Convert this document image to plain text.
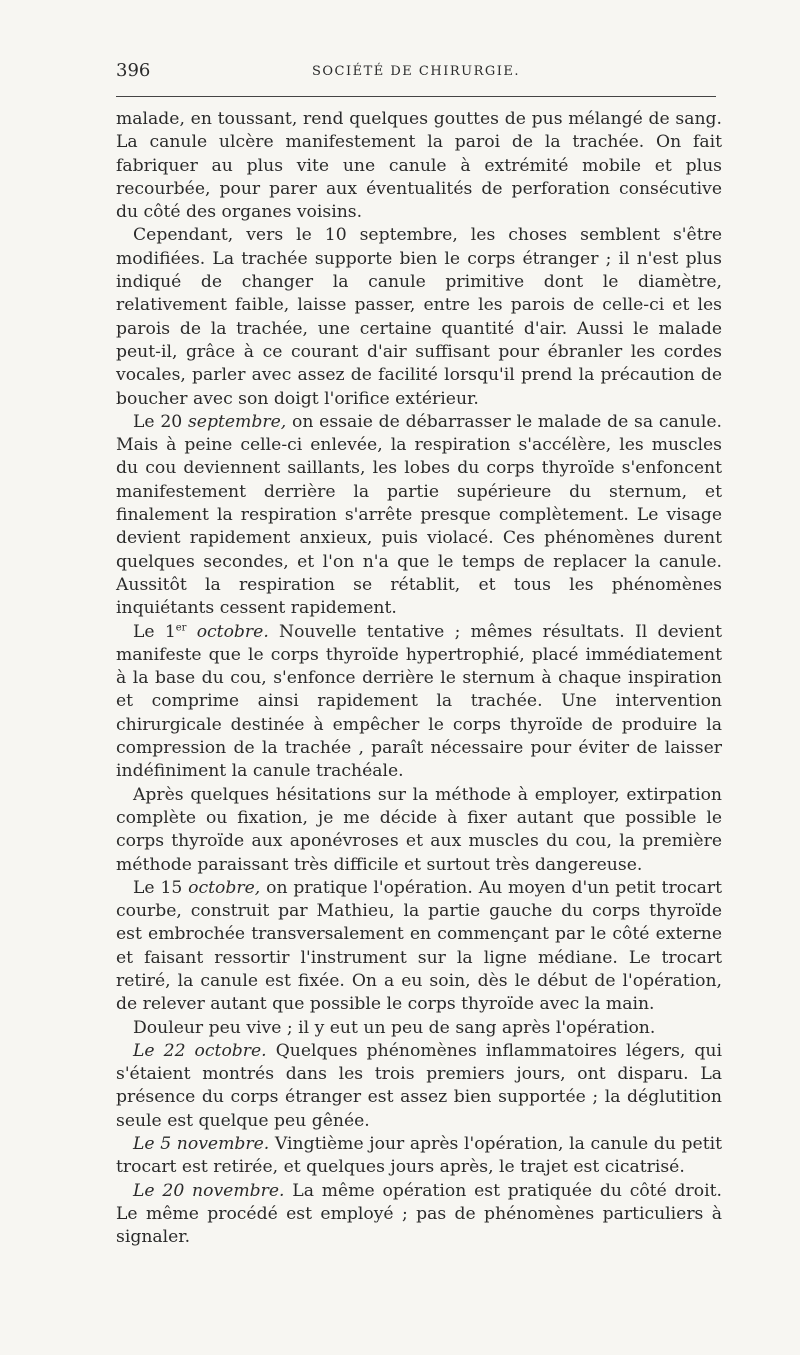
396	SOCIÉTÉ DE CHIRURGIE.

malade, en toussant, rend quelques gouttes de pus mélangé de sang. La canule ulcère manifestement la paroi de la trachée. On fait fabriquer au plus vite une canule à extrémité mobile et plus recourbée, pour parer aux éventualités de perforation consécutive du côté des organes voisins.

Cependant, vers le 10 septembre, les choses semblent s'être modifiées. La trachée supporte bien le corps étranger ; il n'est plus indiqué de changer la canule primitive dont le diamètre, relativement faible, laisse passer, entre les parois de celle-ci et les parois de la trachée, une certaine quantité d'air. Aussi le malade peut-il, grâce à ce courant d'air suffisant pour ébranler les cordes vocales, parler avec assez de facilité lorsqu'il prend la précaution de boucher avec son doigt l'orifice extérieur.

Le 20 septembre, on essaie de débarrasser le malade de sa canule. Mais à peine celle-ci enlevée, la respiration s'accélère, les muscles du cou deviennent saillants, les lobes du corps thyroïde s'enfoncent manifestement derrière la partie supérieure du sternum, et finalement la respiration s'arrête presque complètement. Le visage devient rapidement anxieux, puis violacé. Ces phénomènes durent quelques secondes, et l'on n'a que le temps de replacer la canule. Aussitôt la respiration se rétablit, et tous les phénomènes inquiétants cessent rapidement.

Le 1er octobre. Nouvelle tentative ; mêmes résultats. Il devient manifeste que le corps thyroïde hypertrophié, placé immédiatement à la base du cou, s'enfonce derrière le sternum à chaque inspiration et comprime ainsi rapidement la trachée. Une intervention chirurgicale destinée à empêcher le corps thyroïde de produire la compression de la trachée , paraît nécessaire pour éviter de laisser indéfiniment la canule trachéale.

Après quelques hésitations sur la méthode à employer, extirpation complète ou fixation, je me décide à fixer autant que possible le corps thyroïde aux aponévroses et aux muscles du cou, la première méthode paraissant très difficile et surtout très dangereuse.

Le 15 octobre, on pratique l'opération. Au moyen d'un petit trocart courbe, construit par Mathieu, la partie gauche du corps thyroïde est embrochée transversalement en commençant par le côté externe et faisant ressortir l'instrument sur la ligne médiane. Le trocart retiré, la canule est fixée. On a eu soin, dès le début de l'opération, de relever autant que possible le corps thyroïde avec la main.

Douleur peu vive ; il y eut un peu de sang après l'opération.

Le 22 octobre. Quelques phénomènes inflammatoires légers, qui s'étaient montrés dans les trois premiers jours, ont disparu. La présence du corps étranger est assez bien supportée ; la déglutition seule est quelque peu gênée.

Le 5 novembre. Vingtième jour après l'opération, la canule du petit trocart est retirée, et quelques jours après, le trajet est cicatrisé.

Le 20 novembre. La même opération est pratiquée du côté droit. Le même procédé est employé ; pas de phénomènes particuliers à signaler.
